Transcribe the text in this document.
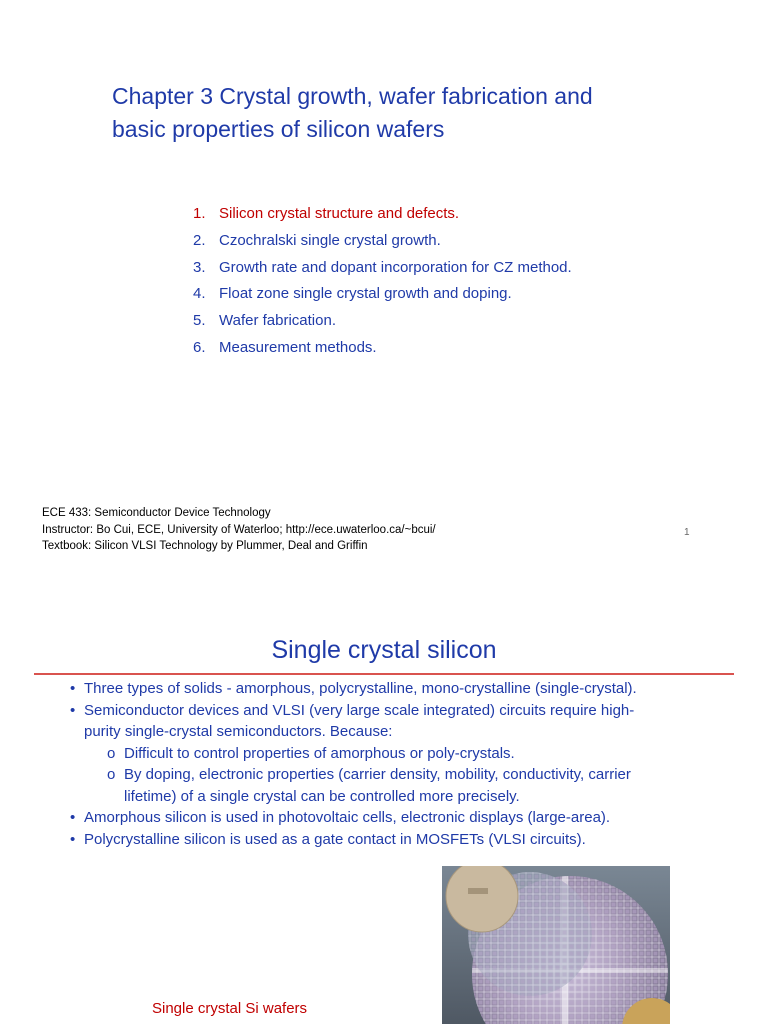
Chapter 3 Crystal growth, wafer fabrication and
basic properties of silicon wafers
1. Silicon crystal structure and defects.
2. Czochralski single crystal growth.
3. Growth rate and dopant incorporation for CZ method.
4. Float zone single crystal growth and doping.
5. Wafer fabrication.
6. Measurement methods.
ECE 433: Semiconductor Device Technology
Instructor: Bo Cui, ECE, University of Waterloo; http://ece.uwaterloo.ca/~bcui/
Textbook: Silicon VLSI Technology by Plummer, Deal and Griffin
1
Single crystal silicon
• Three types of solids - amorphous, polycrystalline, mono-crystalline (single-crystal).
• Semiconductor devices and VLSI (very large scale integrated) circuits require high-
purity single-crystal semiconductors. Because:
o Difficult to control properties of amorphous or poly-crystals.
o By doping, electronic properties (carrier density, mobility, conductivity, carrier
lifetime) of a single crystal can be controlled more precisely.
• Amorphous silicon is used in photovoltaic cells, electronic displays (large-area).
• Polycrystalline silicon is used as a gate contact in MOSFETs (VLSI circuits).
Single crystal Si wafers
